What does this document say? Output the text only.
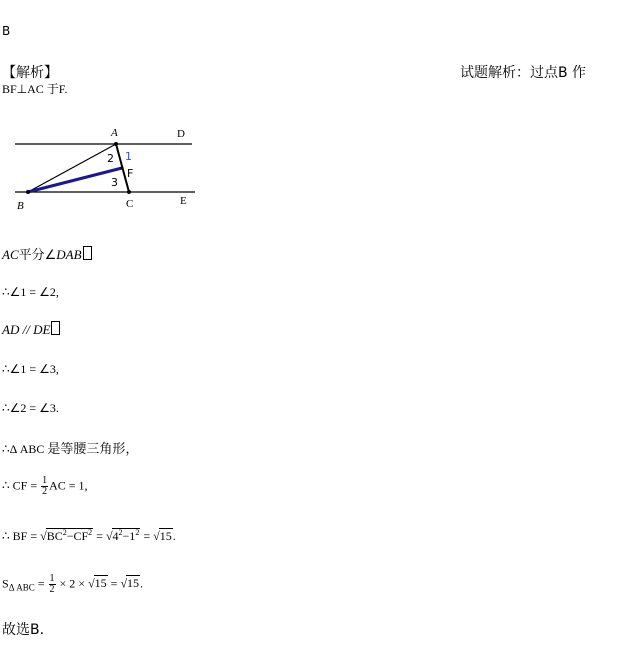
B
【解析】	试题解析：过点B 作
BF⊥AC 于F.
A	D
B	C	E
F
1
2
3
AC平分∠DAB
∴∠1 = ∠2,
AD // DE
∴∠1 = ∠3,
∴∠2 = ∠3.
∴Δ ABC 是等腰三角形，
∴ CF = $\frac{1}{2}$ AC = 1,
∴ BF = $√BC^2-CF^2 = √4^2-1^2 = √15$.
$S_{\Delta ABC} = \frac{1}{2} \times 2 \times √15 = √15$.
故选B.
